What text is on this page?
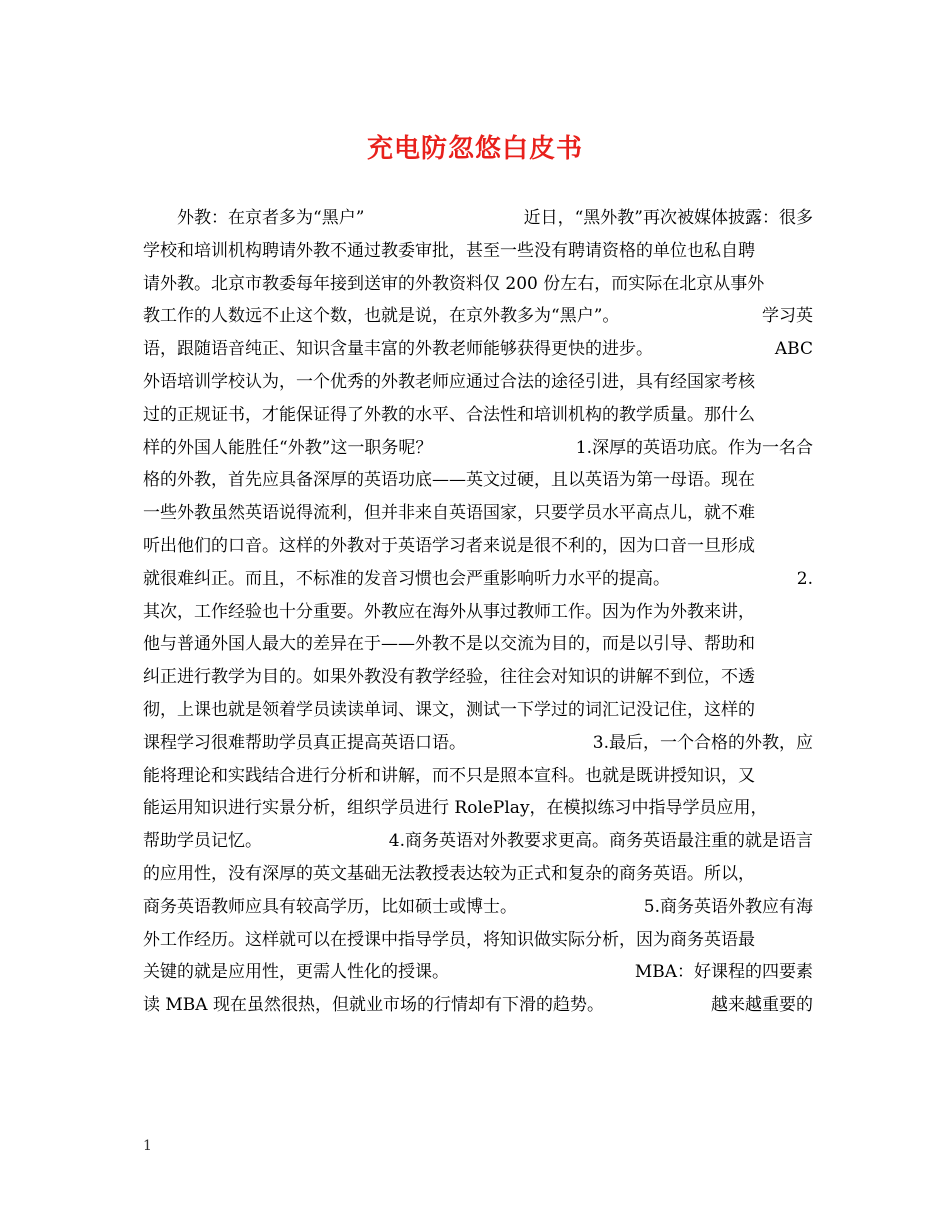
充电防忽悠白皮书
外教：在京者多为“黑户”	近日，“黑外教”再次被媒体披露：很多
学校和培训机构聘请外教不通过教委审批，甚至一些没有聘请资格的单位也私自聘
请外教。北京市教委每年接到送审的外教资料仅 200 份左右，而实际在北京从事外
教工作的人数远不止这个数，也就是说，在京外教多为“黑户”。	学习英
语，跟随语音纯正、知识含量丰富的外教老师能够获得更快的进步。	ABC
外语培训学校认为，一个优秀的外教老师应通过合法的途径引进，具有经国家考核
过的正规证书，才能保证得了外教的水平、合法性和培训机构的教学质量。那什么
样的外国人能胜任“外教”这一职务呢？	1.深厚的英语功底。作为一名合
格的外教，首先应具备深厚的英语功底——英文过硬，且以英语为第一母语。现在
一些外教虽然英语说得流利，但并非来自英语国家，只要学员水平高点儿，就不难
听出他们的口音。这样的外教对于英语学习者来说是很不利的，因为口音一旦形成
就很难纠正。而且，不标准的发音习惯也会严重影响听力水平的提高。	2.
其次，工作经验也十分重要。外教应在海外从事过教师工作。因为作为外教来讲，
他与普通外国人最大的差异在于——外教不是以交流为目的，而是以引导、帮助和
纠正进行教学为目的。如果外教没有教学经验，往往会对知识的讲解不到位，不透
彻，上课也就是领着学员读读单词、课文，测试一下学过的词汇记没记住，这样的
课程学习很难帮助学员真正提高英语口语。	3.最后，一个合格的外教，应
能将理论和实践结合进行分析和讲解，而不只是照本宣科。也就是既讲授知识，又
能运用知识进行实景分析，组织学员进行 RolePlay，在模拟练习中指导学员应用，
帮助学员记忆。	4.商务英语对外教要求更高。商务英语最注重的就是语言
的应用性，没有深厚的英文基础无法教授表达较为正式和复杂的商务英语。所以，
商务英语教师应具有较高学历，比如硕士或博士。	5.商务英语外教应有海
外工作经历。这样就可以在授课中指导学员，将知识做实际分析，因为商务英语最
关键的就是应用性，更需人性化的授课。	MBA：好课程的四要素
读 MBA 现在虽然很热，但就业市场的行情却有下滑的趋势。	越来越重要的
1
